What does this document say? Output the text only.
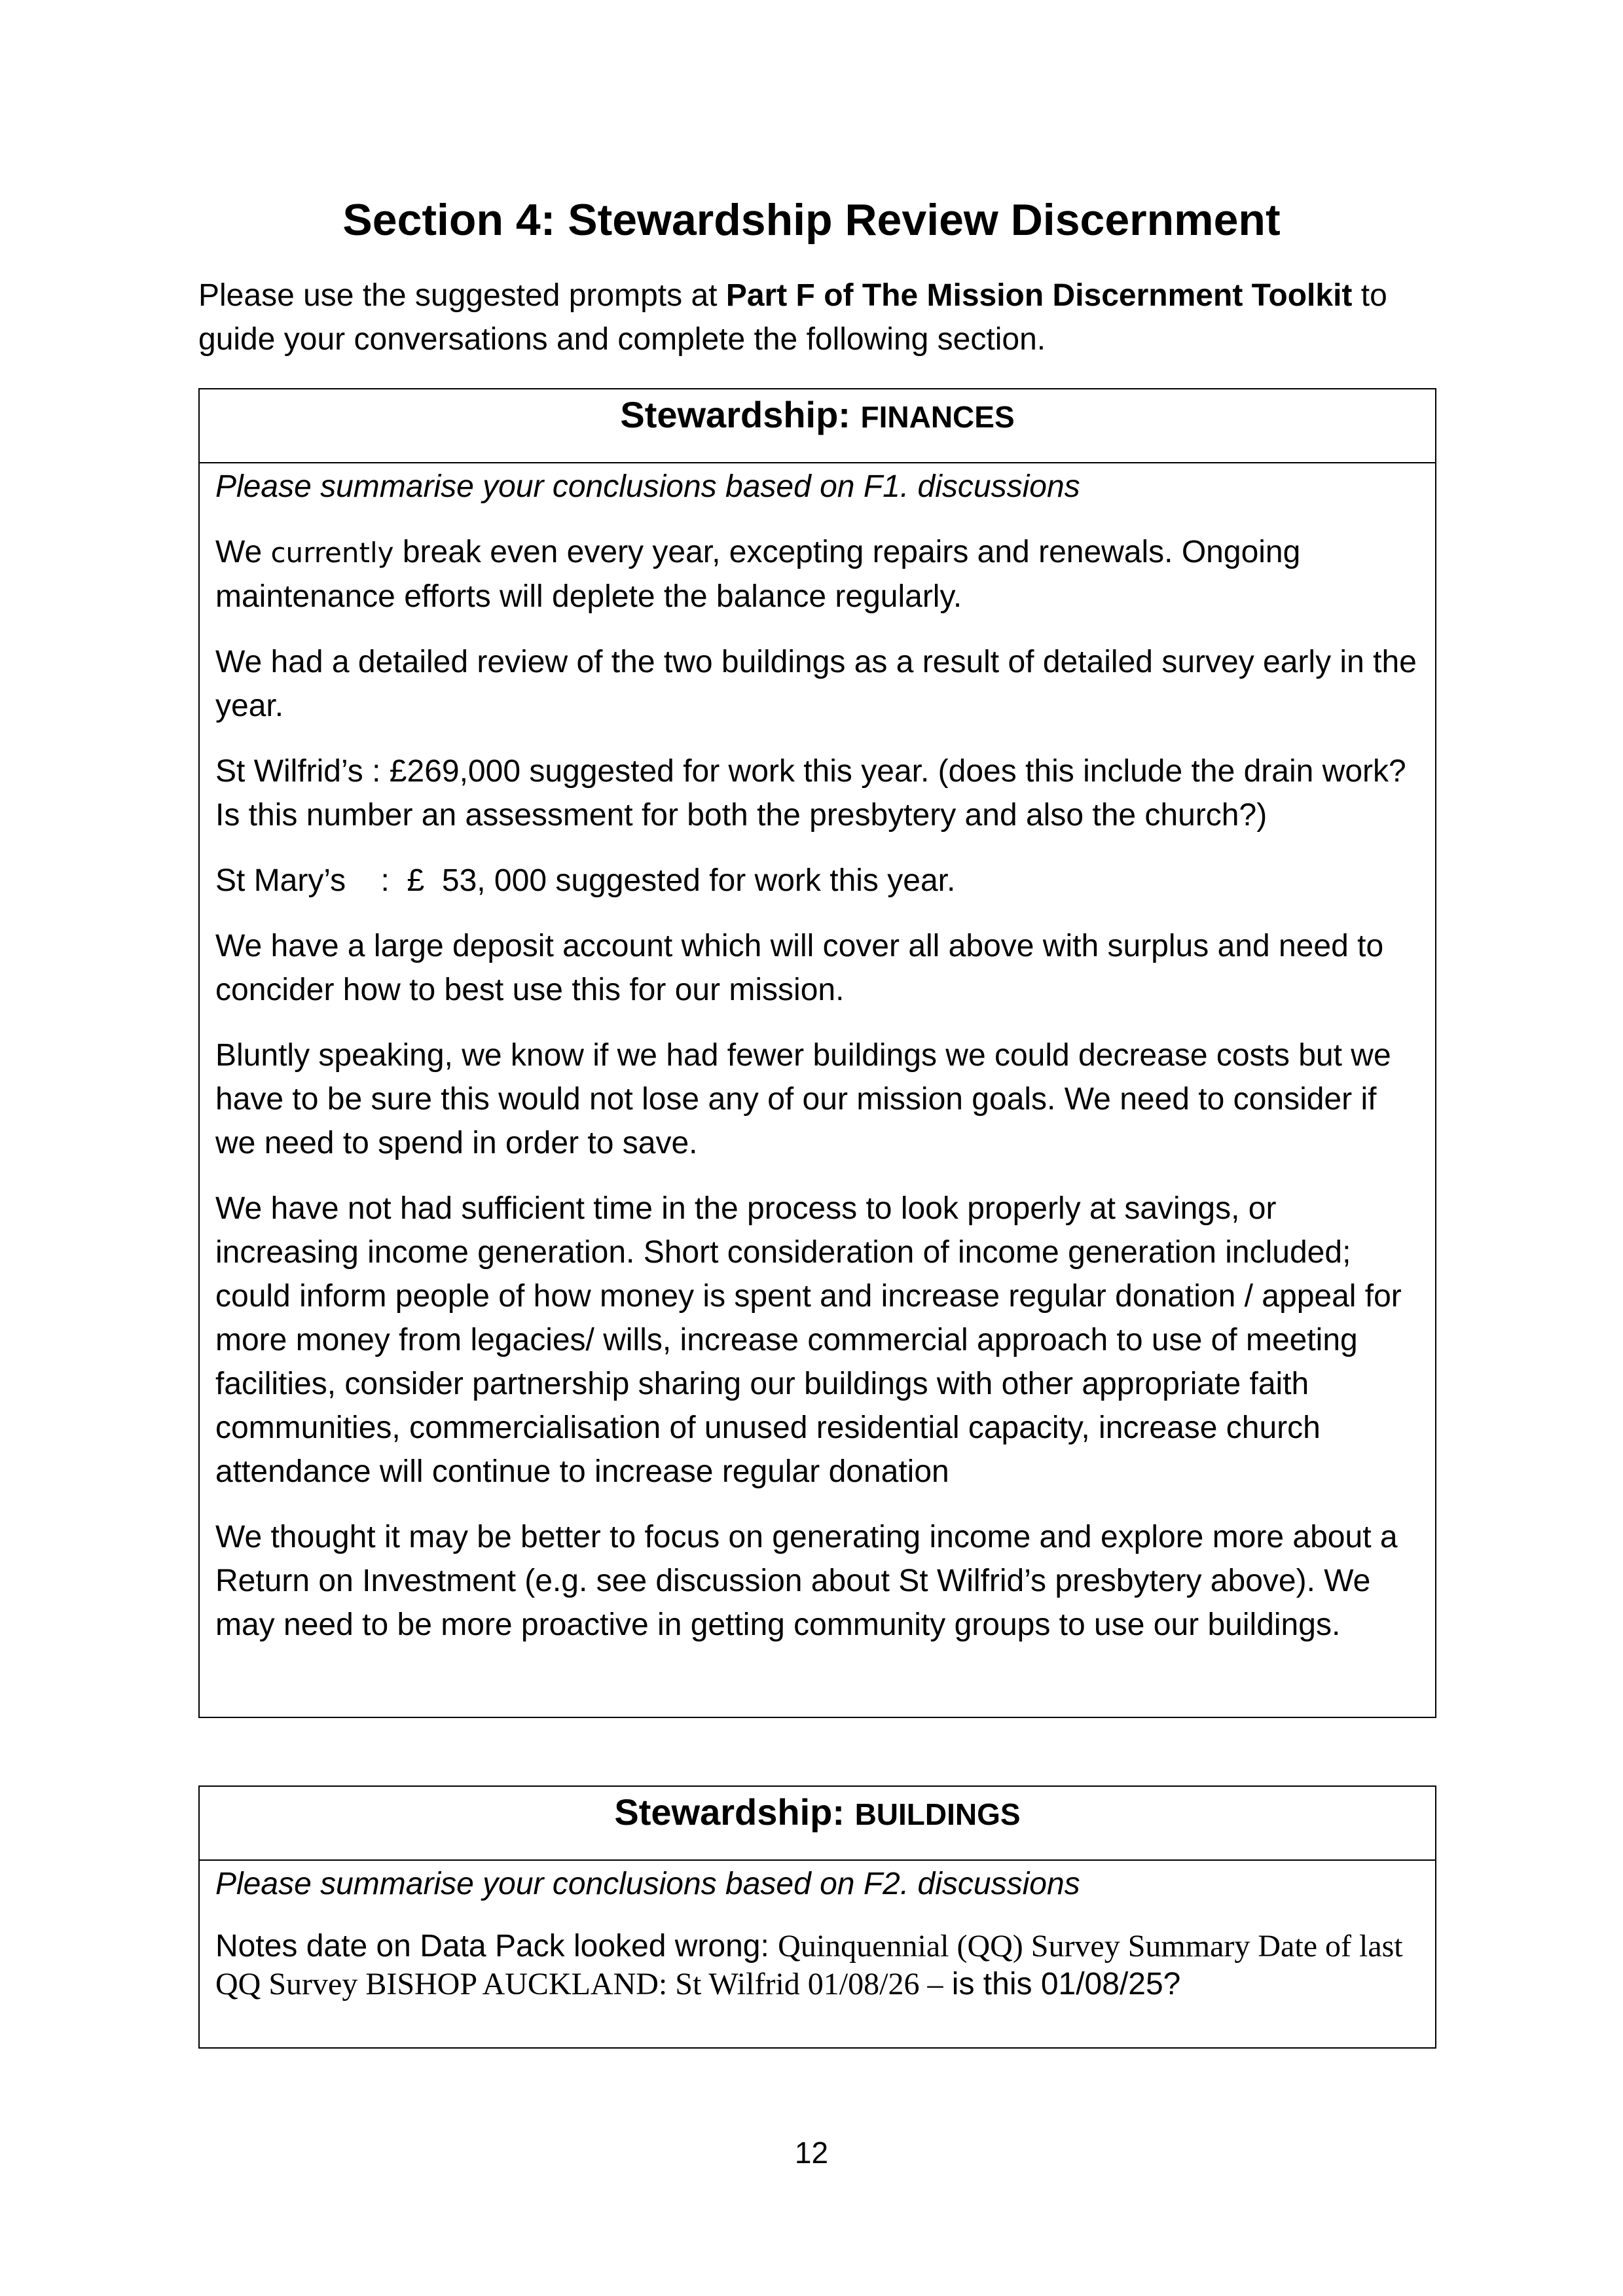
Section 4: Stewardship Review Discernment

Please use the suggested prompts at Part F of The Mission Discernment Toolkit to guide your conversations and complete the following section.

Stewardship: FINANCES

Please summarise your conclusions based on F1. discussions

We currently break even every year, excepting repairs and renewals. Ongoing maintenance efforts will deplete the balance regularly.

We had a detailed review of the two buildings as a result of detailed survey early in the year.

St Wilfrid’s : £269,000 suggested for work this year. (does this include the drain work? Is this number an assessment for both the presbytery and also the church?)

St Mary’s    :  £  53, 000 suggested for work this year.

We have a large deposit account which will cover all above with surplus and need to concider how to best use this for our mission.

Bluntly speaking, we know if we had fewer buildings we could decrease costs but we have to be sure this would not lose any of our mission goals. We need to consider if we need to spend in order to save.

We have not had sufficient time in the process to look properly at savings, or increasing income generation. Short consideration of income generation included; could inform people of how money is spent and increase regular donation / appeal for more money from legacies/ wills, increase commercial approach to use of meeting facilities, consider partnership sharing our buildings with other appropriate faith communities, commercialisation of unused residential capacity, increase church attendance will continue to increase regular donation

We thought it may be better to focus on generating income and explore more about a Return on Investment (e.g. see discussion about St Wilfrid’s presbytery above). We may need to be more proactive in getting community groups to use our buildings.

Stewardship: BUILDINGS

Please summarise your conclusions based on F2. discussions

Notes date on Data Pack looked wrong: Quinquennial (QQ) Survey Summary Date of last QQ Survey BISHOP AUCKLAND: St Wilfrid 01/08/26 – is this 01/08/25?

12
